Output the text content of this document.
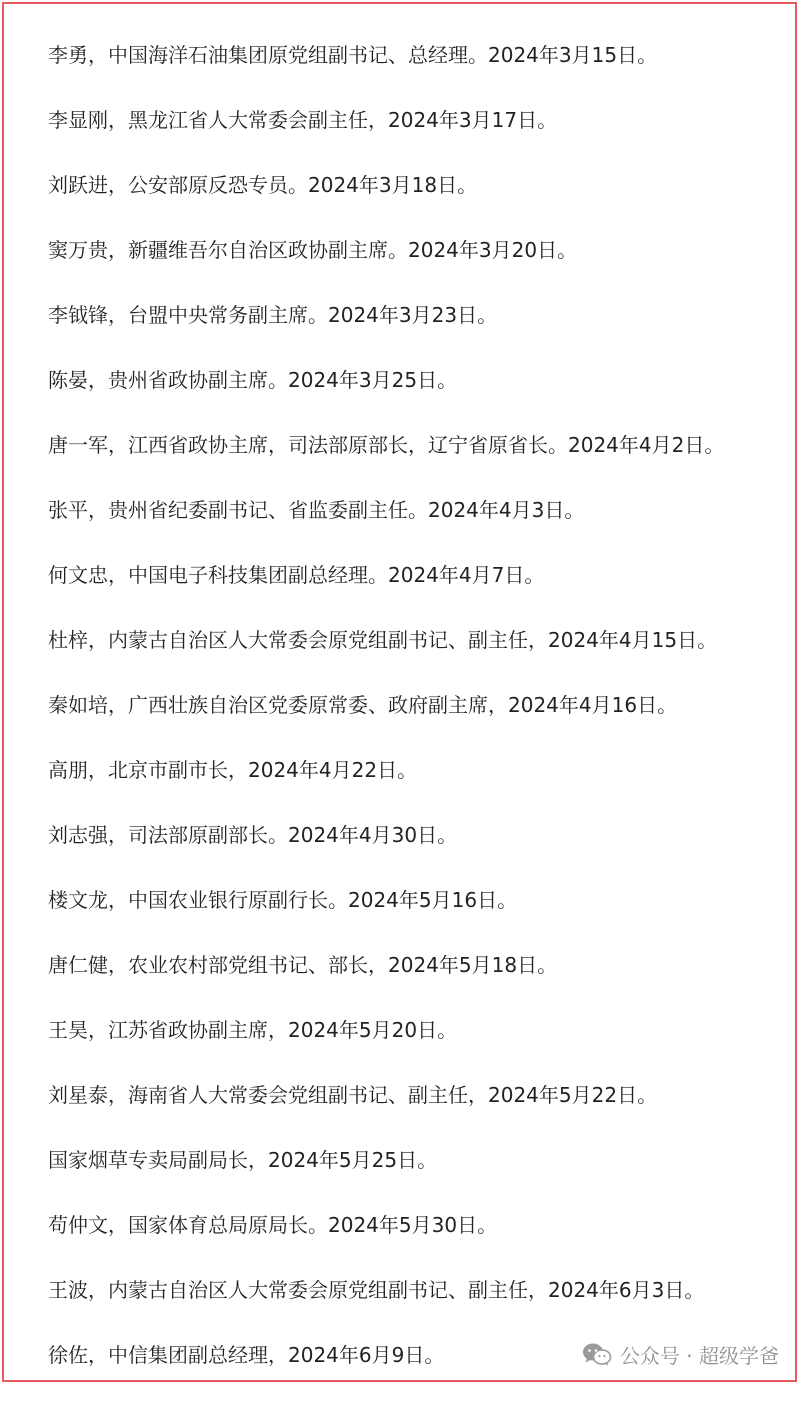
李勇，中国海洋石油集团原党组副书记、总经理。2024年3月15日。
李显刚，黑龙江省人大常委会副主任，2024年3月17日。
刘跃进，公安部原反恐专员。2024年3月18日。
窦万贵，新疆维吾尔自治区政协副主席。2024年3月20日。
李钺锋，台盟中央常务副主席。2024年3月23日。
陈晏，贵州省政协副主席。2024年3月25日。
唐一军，江西省政协主席，司法部原部长，辽宁省原省长。2024年4月2日。
张平，贵州省纪委副书记、省监委副主任。2024年4月3日。
何文忠，中国电子科技集团副总经理。2024年4月7日。
杜梓，内蒙古自治区人大常委会原党组副书记、副主任，2024年4月15日。
秦如培，广西壮族自治区党委原常委、政府副主席，2024年4月16日。
高朋，北京市副市长，2024年4月22日。
刘志强，司法部原副部长。2024年4月30日。
楼文龙，中国农业银行原副行长。2024年5月16日。
唐仁健，农业农村部党组书记、部长，2024年5月18日。
王昊，江苏省政协副主席，2024年5月20日。
刘星泰，海南省人大常委会党组副书记、副主任，2024年5月22日。
国家烟草专卖局副局长，2024年5月25日。
苟仲文，国家体育总局原局长。2024年5月30日。
王波，内蒙古自治区人大常委会原党组副书记、副主任，2024年6月3日。
徐佐，中信集团副总经理，2024年6月9日。	公众号 · 超级学爸
